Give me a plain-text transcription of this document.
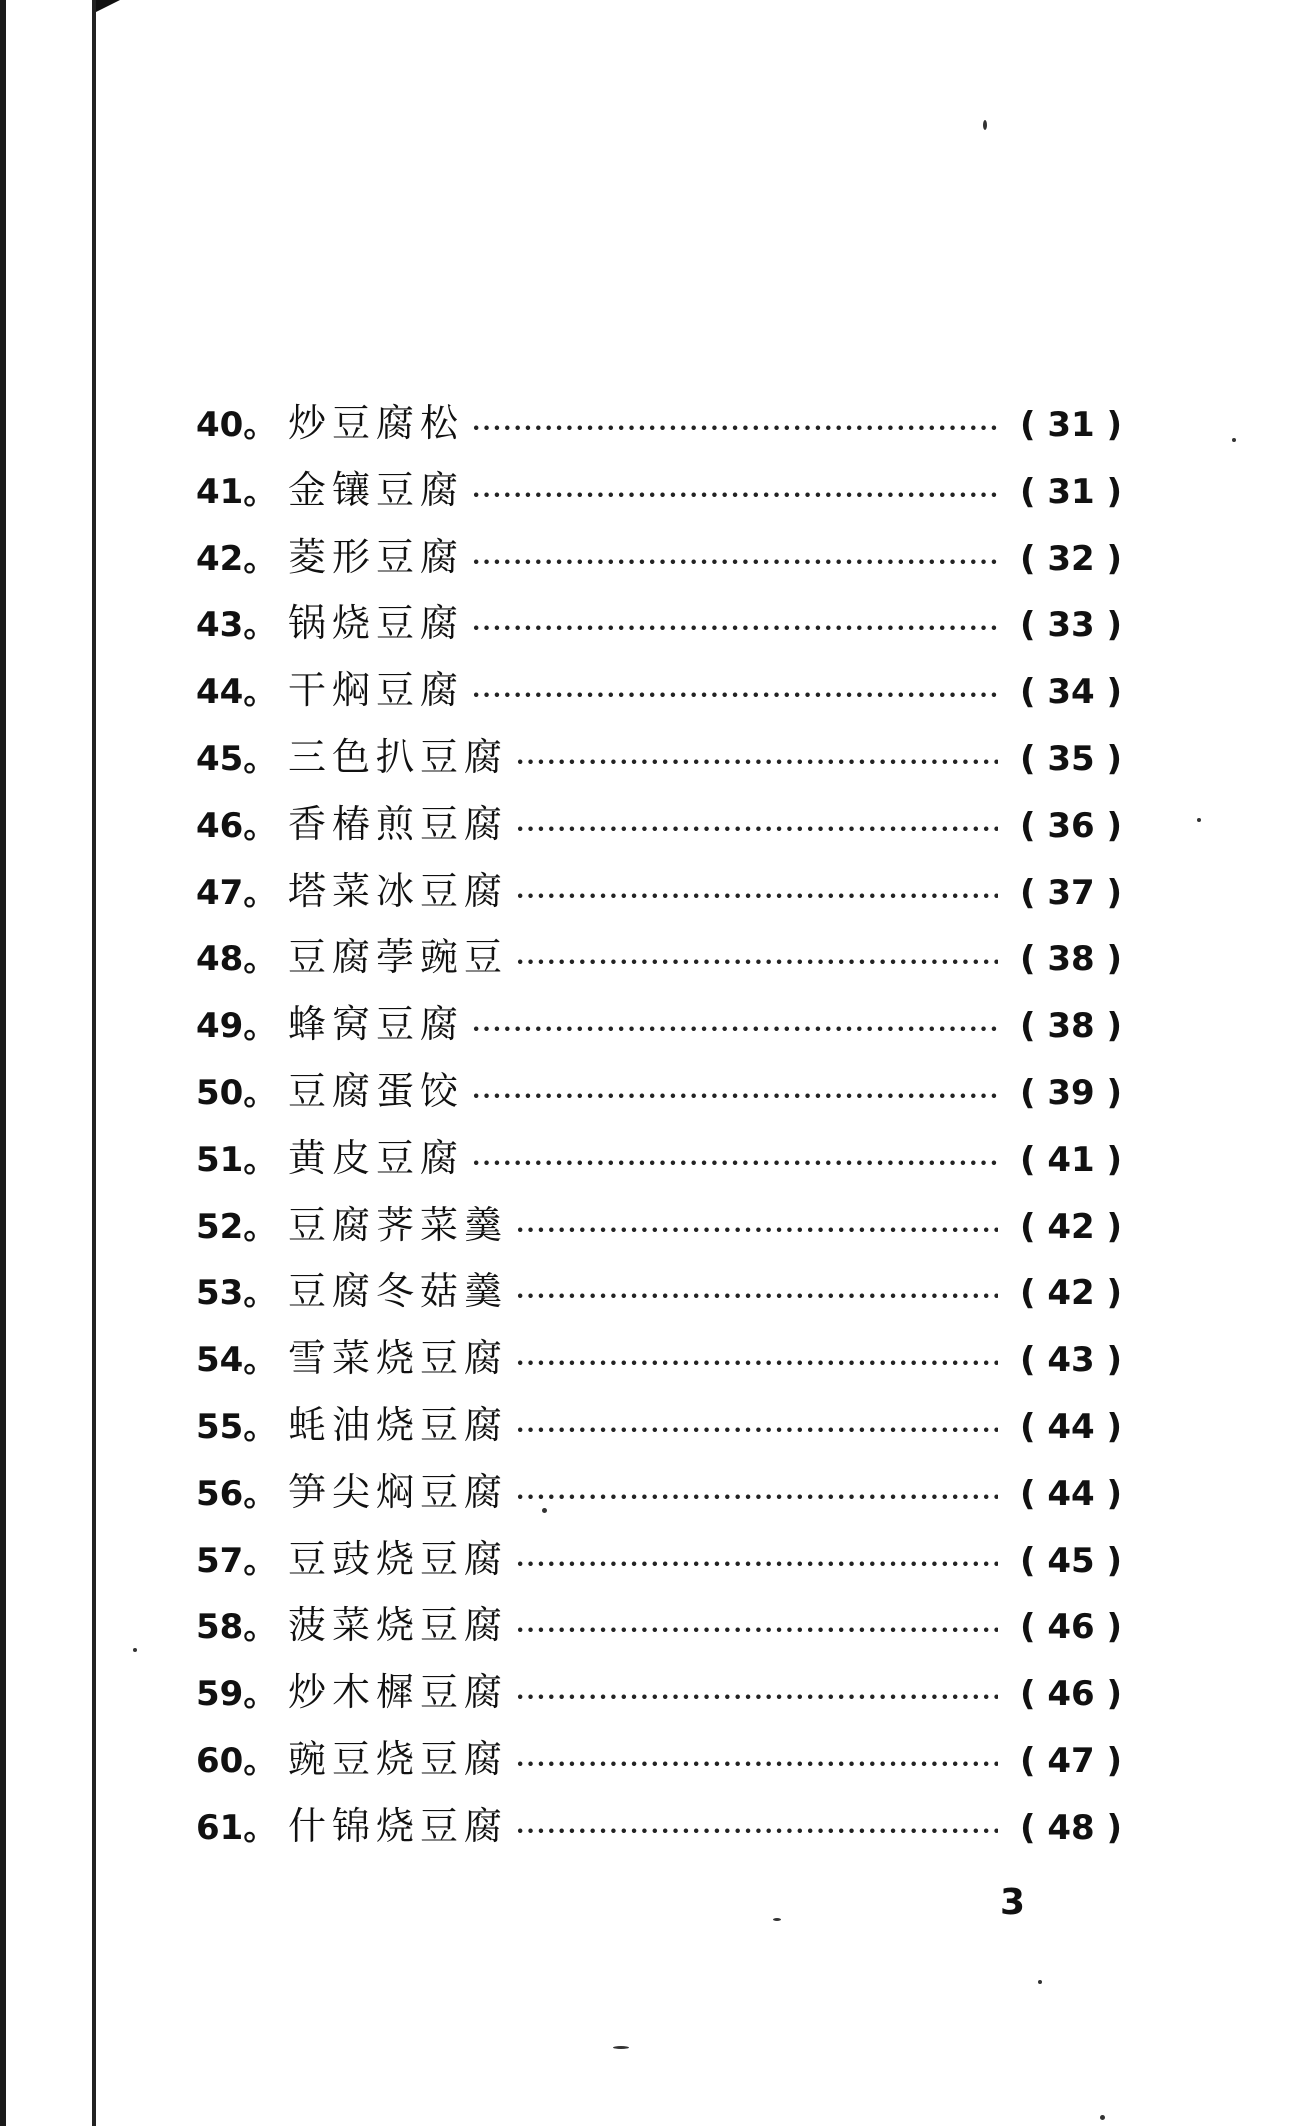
40。 炒豆腐松 ·····	( 31 )
41。 金镶豆腐 ·····	( 31 )
42。 菱形豆腐 ·····	( 32 )
43。 锅烧豆腐 ·····	( 33 )
44。 干焖豆腐 ·····	( 34 )
45。 三色扒豆腐 ·····	( 35 )
46。 香椿煎豆腐 ·····	( 36 )
47。 塔菜冰豆腐 ·····	( 37 )
48。 豆腐荸豌豆 ·····	( 38 )
49。 蜂窝豆腐 ·····	( 38 )
50。 豆腐蛋饺 ·····	( 39 )
51。 黄皮豆腐 ·····	( 41 )
52。 豆腐荠菜羹 ·····	( 42 )
53。 豆腐冬菇羹 ·····	( 42 )
54。 雪菜烧豆腐 ·····	( 43 )
55。 蚝油烧豆腐 ·····	( 44 )
56。 笋尖焖豆腐 ·····	( 44 )
57。 豆豉烧豆腐 ·····	( 45 )
58。 菠菜烧豆腐 ·····	( 46 )
59。 炒木樨豆腐 ·····	( 46 )
60。 豌豆烧豆腐 ·····	( 47 )
61。 什锦烧豆腐 ·····	( 48 )
3
